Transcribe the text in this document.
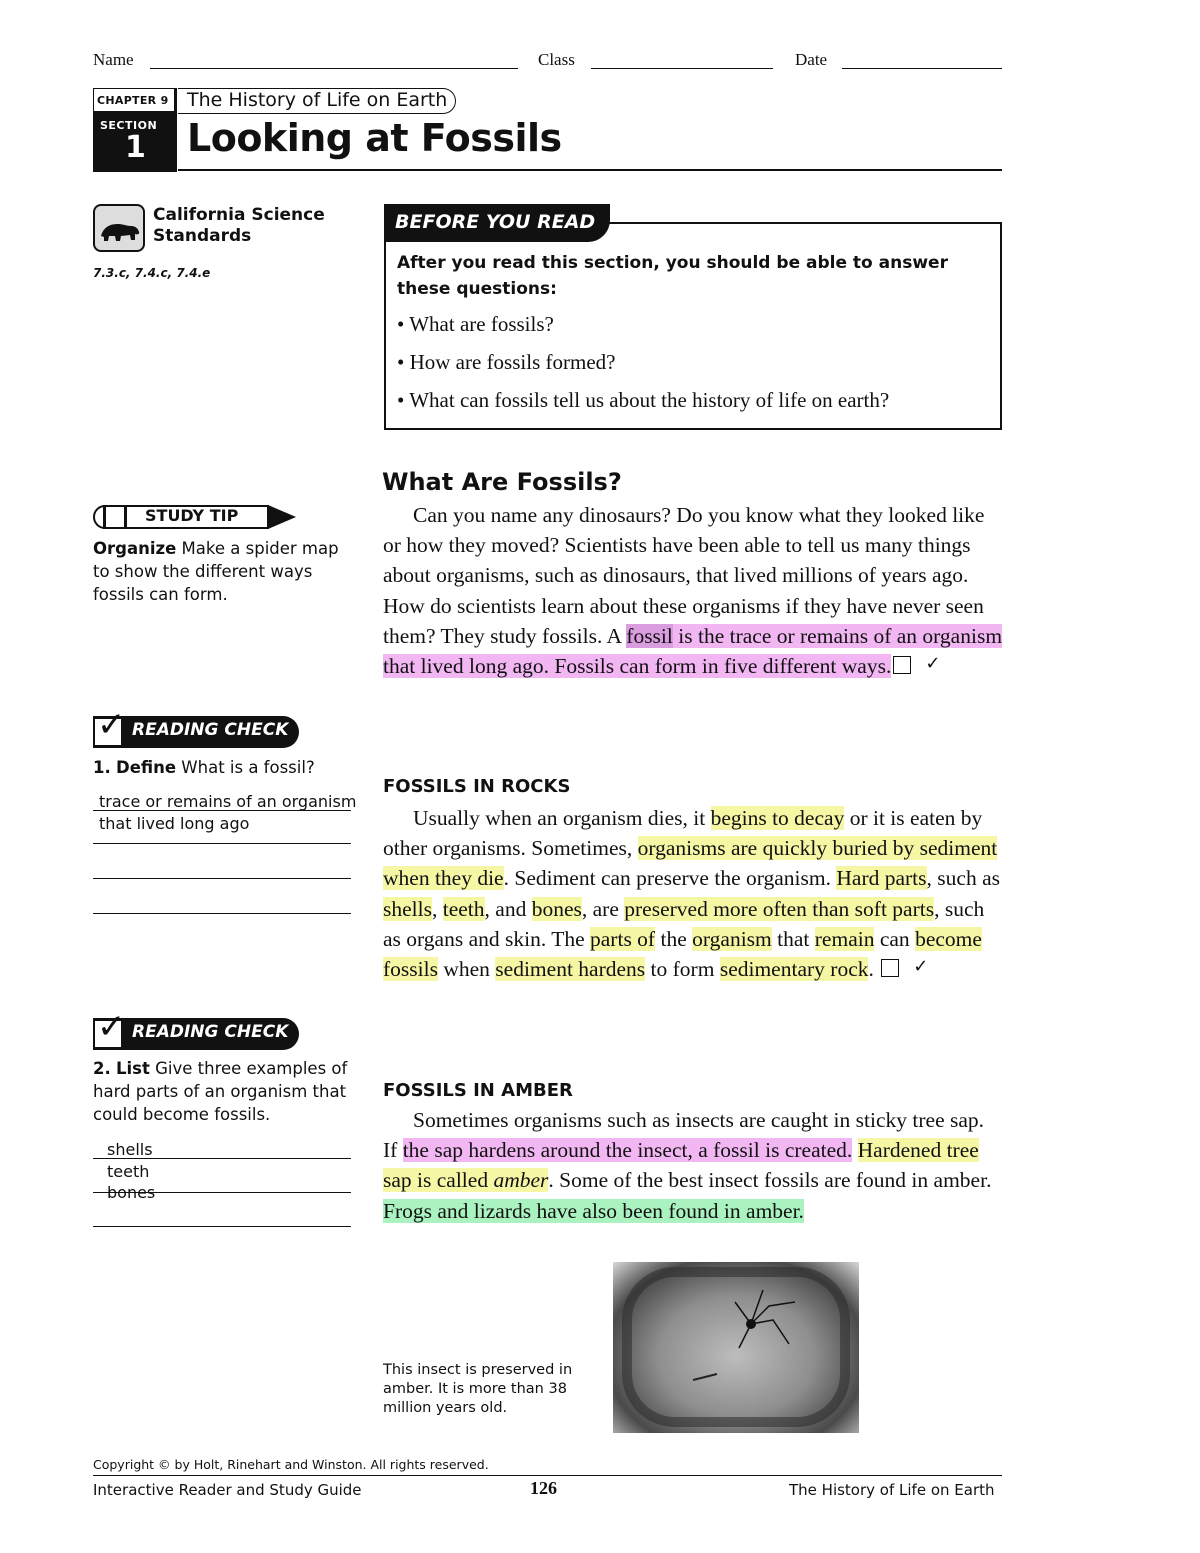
Name	Class	Date
CHAPTER 9
SECTION
1
The History of Life on Earth
Looking at Fossils
California Science Standards
7.3.c, 7.4.c, 7.4.e
BEFORE YOU READ
After you read this section, you should be able to answer these questions:
• What are fossils?
• How are fossils formed?
• What can fossils tell us about the history of life on earth?
What Are Fossils?
Can you name any dinosaurs? Do you know what they looked like or how they moved? Scientists have been able to tell us many things about organisms, such as dinosaurs, that lived millions of years ago. How do scientists learn about these organisms if they have never seen them? They study fossils. A fossil is the trace or remains of an organism that lived long ago. Fossils can form in five different ways.✓
FOSSILS IN ROCKS
Usually when an organism dies, it begins to decay or it is eaten by other organisms. Sometimes, organisms are quickly buried by sediment when they die. Sediment can preserve the organism. Hard parts, such as shells, teeth, and bones, are preserved more often than soft parts, such as organs and skin. The parts of the organism that remain can become fossils when sediment hardens to form sedimentary rock. ✓
FOSSILS IN AMBER
Sometimes organisms such as insects are caught in sticky tree sap. If the sap hardens around the insect, a fossil is created. Hardened tree sap is called amber. Some of the best insect fossils are found in amber. Frogs and lizards have also been found in amber.
This insect is preserved in amber. It is more than 38 million years old.
STUDY TIP
Organize Make a spider map to show the different ways fossils can form.
✓ READING CHECK
1. Define What is a fossil?
trace or remains of an organism
that lived long ago
✓ READING CHECK
2. List Give three examples of hard parts of an organism that could become fossils.
shells
teeth
bones
Copyright © by Holt, Rinehart and Winston. All rights reserved.
Interactive Reader and Study Guide	126	The History of Life on Earth
